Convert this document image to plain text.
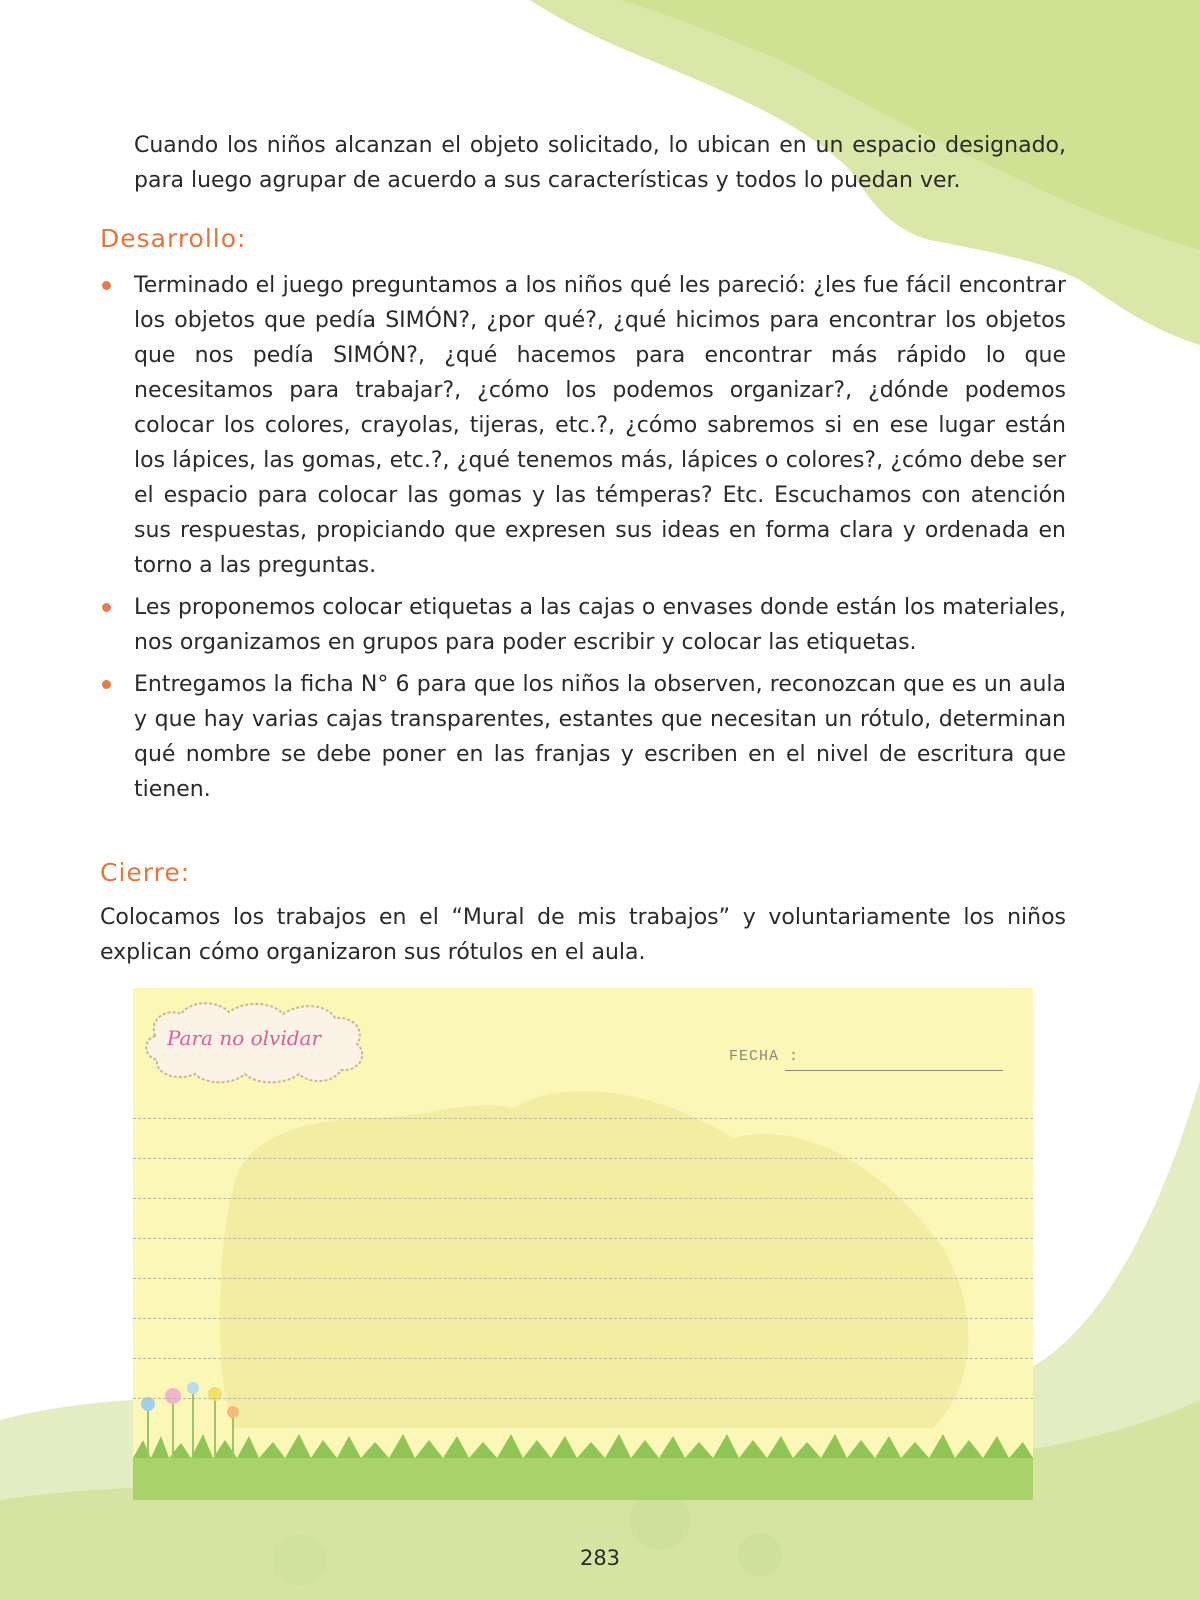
Cuando los niños alcanzan el objeto solicitado, lo ubican en un espacio designado, para luego agrupar de acuerdo a sus características y todos lo puedan ver.

Desarrollo:
Terminado el juego preguntamos a los niños qué les pareció: ¿les fue fácil encontrar los objetos que pedía SIMÓN?, ¿por qué?, ¿qué hicimos para encontrar los objetos que nos pedía SIMÓN?, ¿qué hacemos para encontrar más rápido lo que necesitamos para trabajar?, ¿cómo los podemos organizar?, ¿dónde podemos colocar los colores, crayolas, tijeras, etc.?, ¿cómo sabremos si en ese lugar están los lápices, las gomas, etc.?, ¿qué tenemos más, lápices o colores?, ¿cómo debe ser el espacio para colocar las gomas y las témperas? Etc. Escuchamos con atención sus respuestas, propiciando que expresen sus ideas en forma clara y ordenada en torno a las preguntas.
Les proponemos colocar etiquetas a las cajas o envases donde están los materiales, nos organizamos en grupos para poder escribir y colocar las etiquetas.
Entregamos la ficha N° 6 para que los niños la observen, reconozcan que es un aula y que hay varias cajas transparentes, estantes que necesitan un rótulo, determinan qué nombre se debe poner en las franjas y escriben en el nivel de escritura que tienen.
Cierre:

Colocamos los trabajos en el “Mural de mis trabajos” y voluntariamente los niños explican cómo organizaron sus rótulos en el aula.

Para no olvidar
FECHA :
283
